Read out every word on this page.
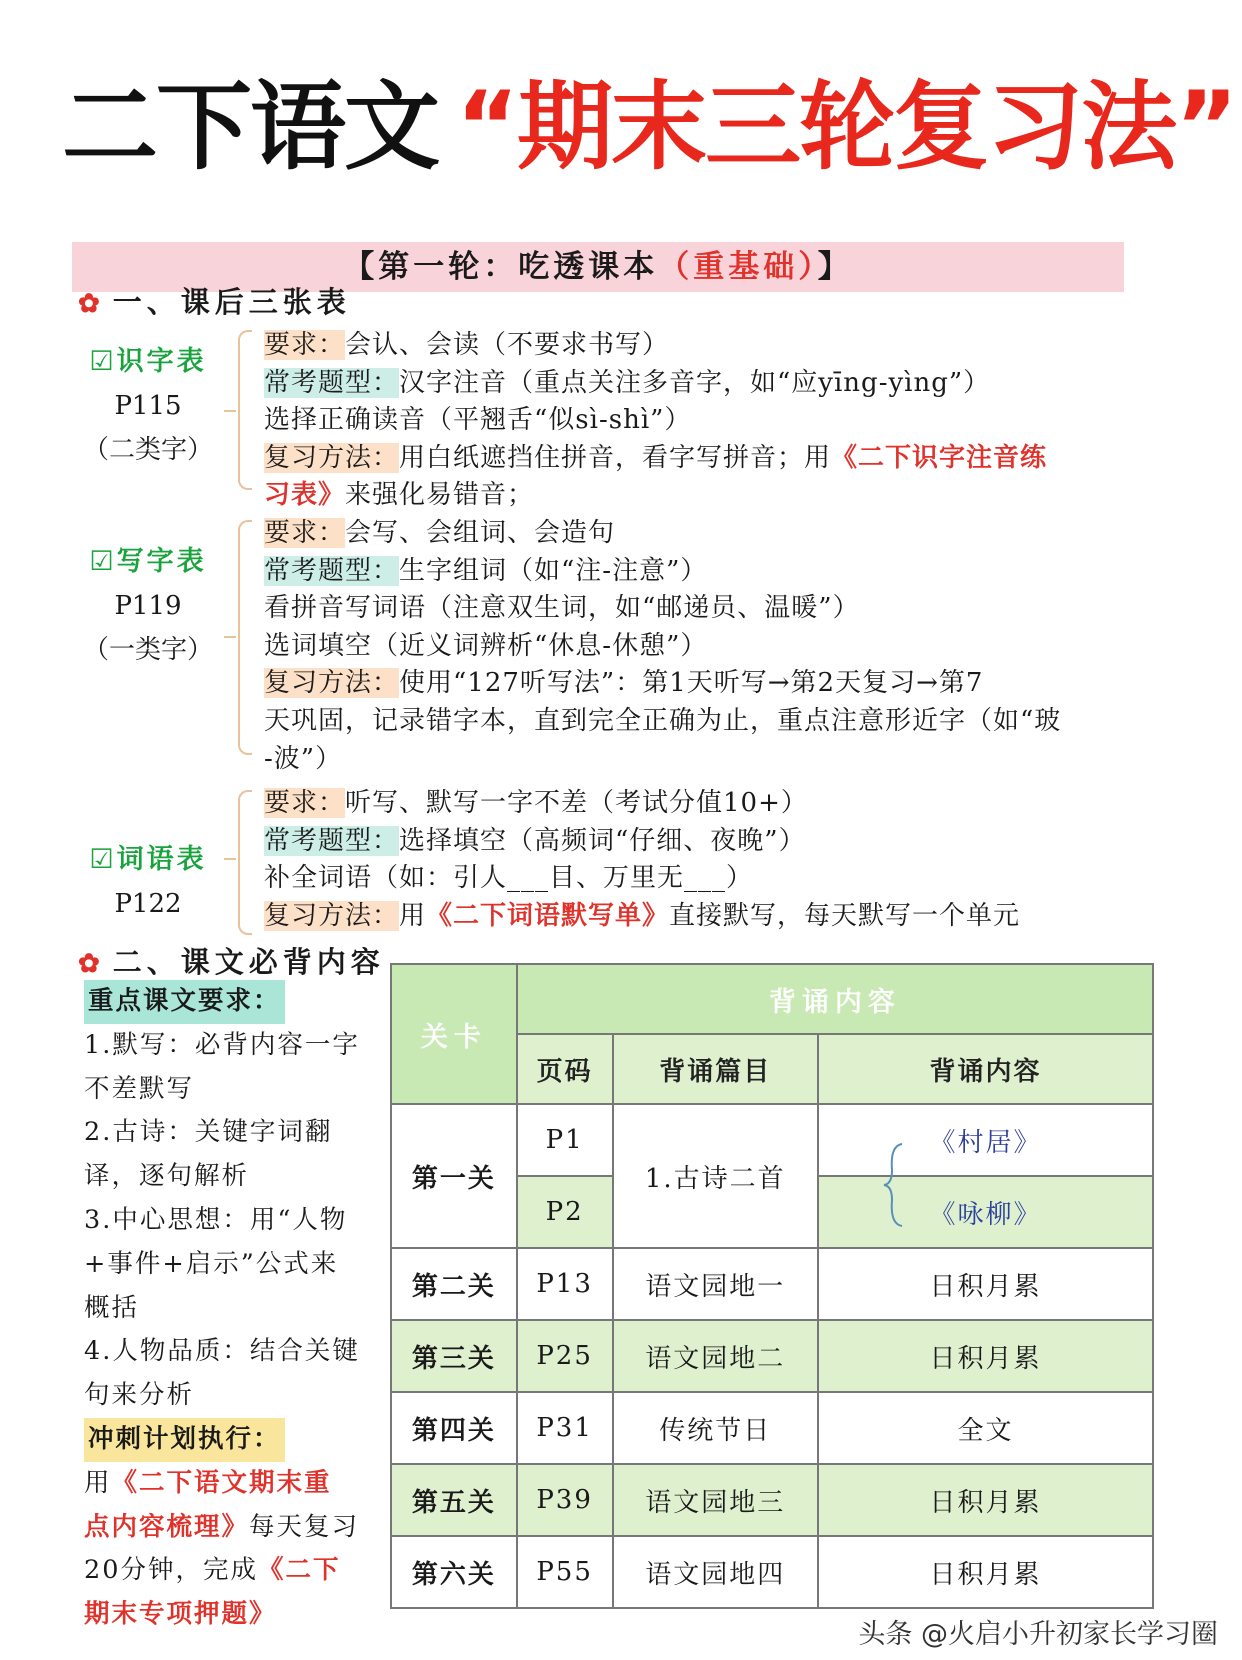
二下语文 “期末三轮复习法”
【第一轮：吃透课本（重基础）】
✿ 一、课后三张表
☑识字表
P115
（二类字）
要求：会认、会读（不要求书写）
常考题型：汉字注音（重点关注多音字，如“应yīng-yìng”）
选择正确读音（平翘舌“似sì-shì”）
复习方法：用白纸遮挡住拼音，看字写拼音；用《二下识字注音练
习表》来强化易错音；
☑写字表
P119
（一类字）
要求：会写、会组词、会造句
常考题型：生字组词（如“注-注意”）
看拼音写词语（注意双生词，如“邮递员、温暖”）
选词填空（近义词辨析“休息-休憩”）
复习方法：使用“127听写法”：第1天听写→第2天复习→第7
天巩固，记录错字本，直到完全正确为止，重点注意形近字（如“玻
-波”）
☑词语表
P122
要求：听写、默写一字不差（考试分值10+）
常考题型：选择填空（高频词“仔细、夜晚”）
补全词语（如：引人___目、万里无___）
复习方法：用《二下词语默写单》直接默写，每天默写一个单元
✿ 二、课文必背内容
重点课文要求：
1.默写：必背内容一字
不差默写
2.古诗：关键字词翻
译，逐句解析
3.中心思想：用“人物
+事件+启示”公式来
概括
4.人物品质：结合关键
句来分析
冲刺计划执行：
用《二下语文期末重
点内容梳理》每天复习
20分钟，完成《二下
期末专项押题》
关卡	背诵内容		
	页码	背诵篇目	背诵内容
第一关	P1	1.古诗二首	《村居》
	P2		《咏柳》
第二关	P13	语文园地一	日积月累
第三关	P25	语文园地二	日积月累
第四关	P31	传统节日	全文
第五关	P39	语文园地三	日积月累
第六关	P55	语文园地四	日积月累
头条 @火启小升初家长学习圈
